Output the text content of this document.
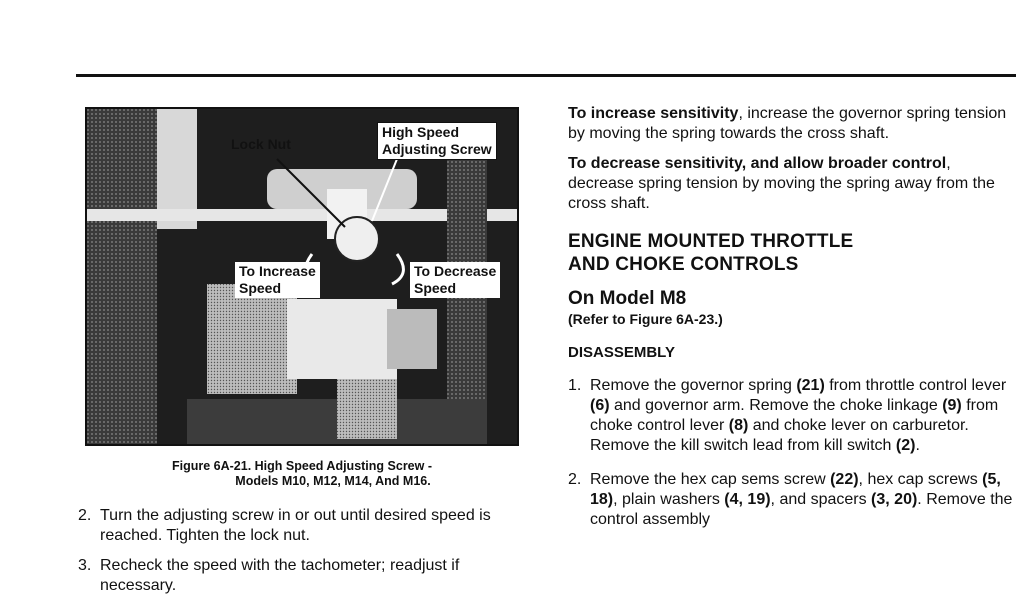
Lock Nut
High Speed
Adjusting Screw
To Increase
Speed
To Decrease
Speed
Figure 6A-21. High Speed Adjusting Screw -
Models M10, M12, M14, And M16.
2. Turn the adjusting screw in or out until desired speed is reached. Tighten the lock nut.
3. Recheck the speed with the tachometer; readjust if necessary.

To increase sensitivity, increase the governor spring tension by moving the spring towards the cross shaft.

To decrease sensitivity, and allow broader control, decrease spring tension by moving the spring away from the cross shaft.

ENGINE MOUNTED THROTTLE
AND CHOKE CONTROLS
On Model M8
(Refer to Figure 6A-23.)
DISASSEMBLY
1. Remove the governor spring (21) from throttle control lever (6) and governor arm. Remove the choke linkage (9) from choke control lever (8) and choke lever on carburetor. Remove the kill switch lead from kill switch (2).
2. Remove the hex cap sems screw (22), hex cap screws (5, 18), plain washers (4, 19), and spacers (3, 20). Remove the control assembly
